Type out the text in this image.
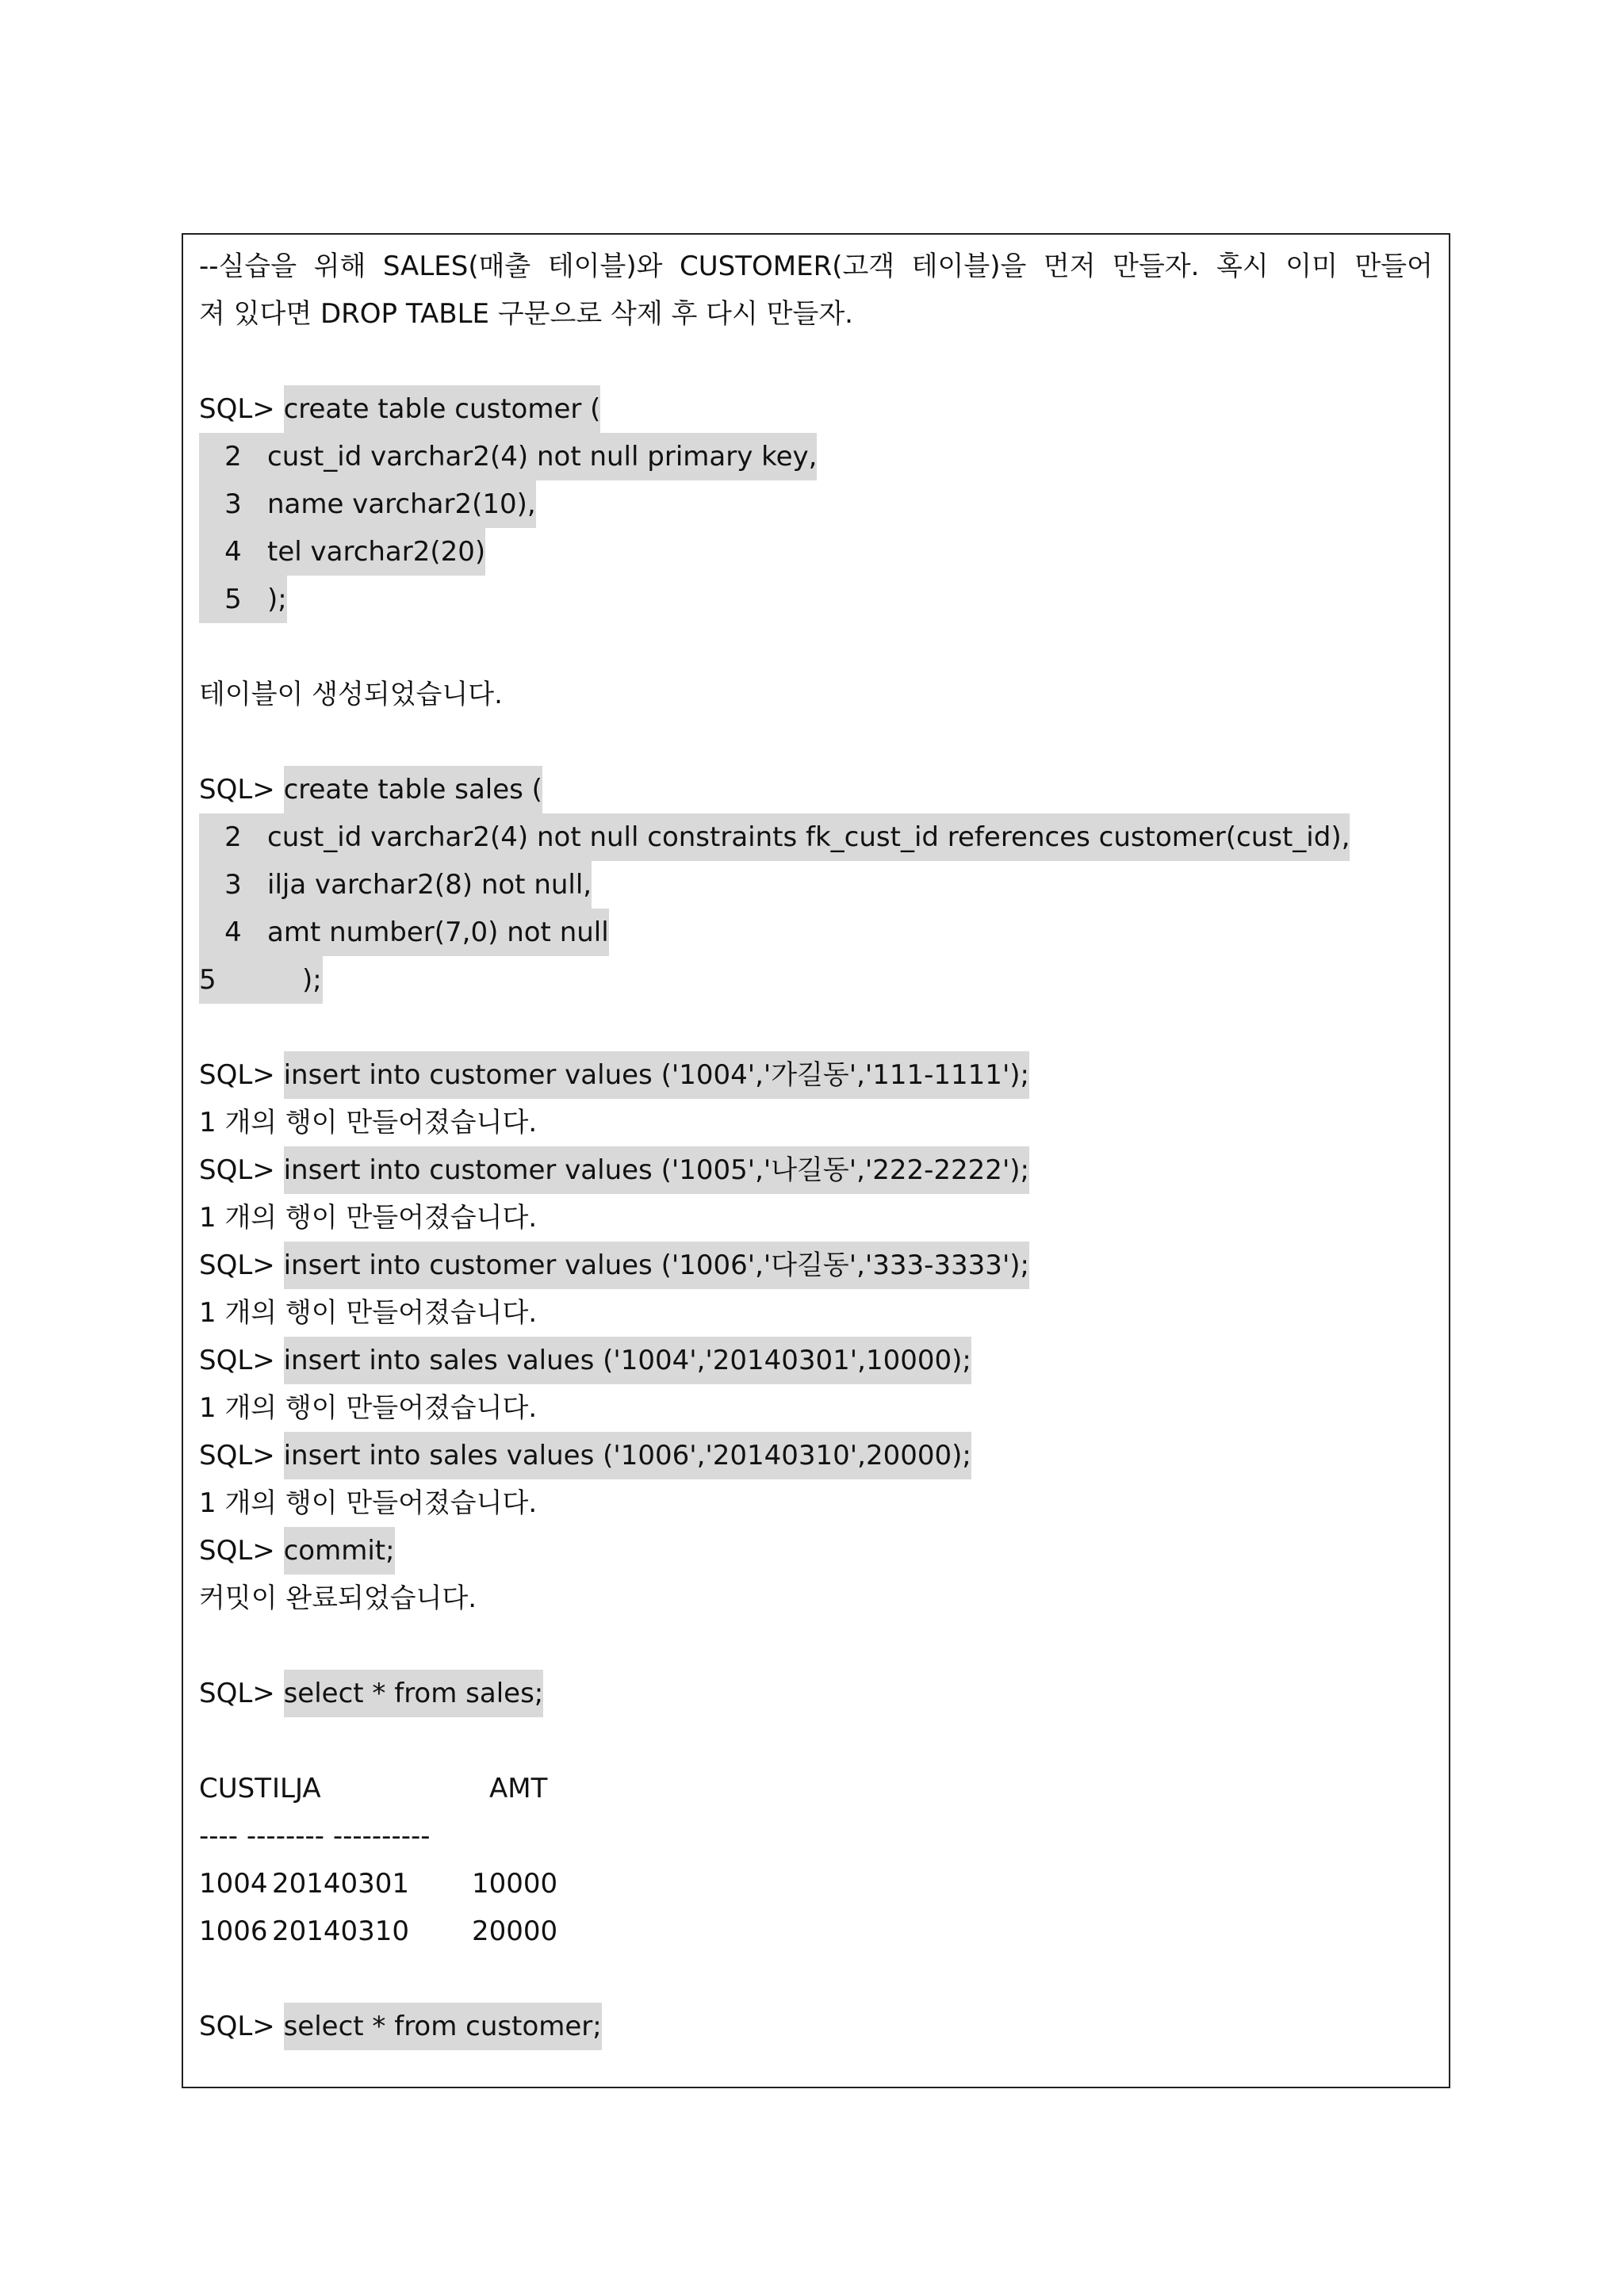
--실습을 위해 SALES(매출 테이블)와 CUSTOMER(고객 테이블)을 먼저 만들자. 혹시 이미 만들어
져 있다면 DROP TABLE 구문으로 삭제 후 다시 만들자.
SQL> create table customer (
2 cust_id varchar2(4) not null primary key,
3 name varchar2(10),
4 tel varchar2(20)
5 );
테이블이 생성되었습니다.
SQL> create table sales (
2 cust_id varchar2(4) not null constraints fk_cust_id references customer(cust_id),
3 ilja varchar2(8) not null,
4 amt number(7,0) not null
5	);
SQL> insert into customer values ('1004','가길동','111-1111');
1 개의 행이 만들어졌습니다.
SQL> insert into customer values ('1005','나길동','222-2222');
1 개의 행이 만들어졌습니다.
SQL> insert into customer values ('1006','다길동','333-3333');
1 개의 행이 만들어졌습니다.
SQL> insert into sales values ('1004','20140301',10000);
1 개의 행이 만들어졌습니다.
SQL> insert into sales values ('1006','20140310',20000);
1 개의 행이 만들어졌습니다.
SQL> commit;
커밋이 완료되었습니다.
SQL> select * from sales;
CUST ILJA	AMT
---- -------- ----------
1004 20140301 10000
1006 20140310 20000
SQL> select * from customer;
